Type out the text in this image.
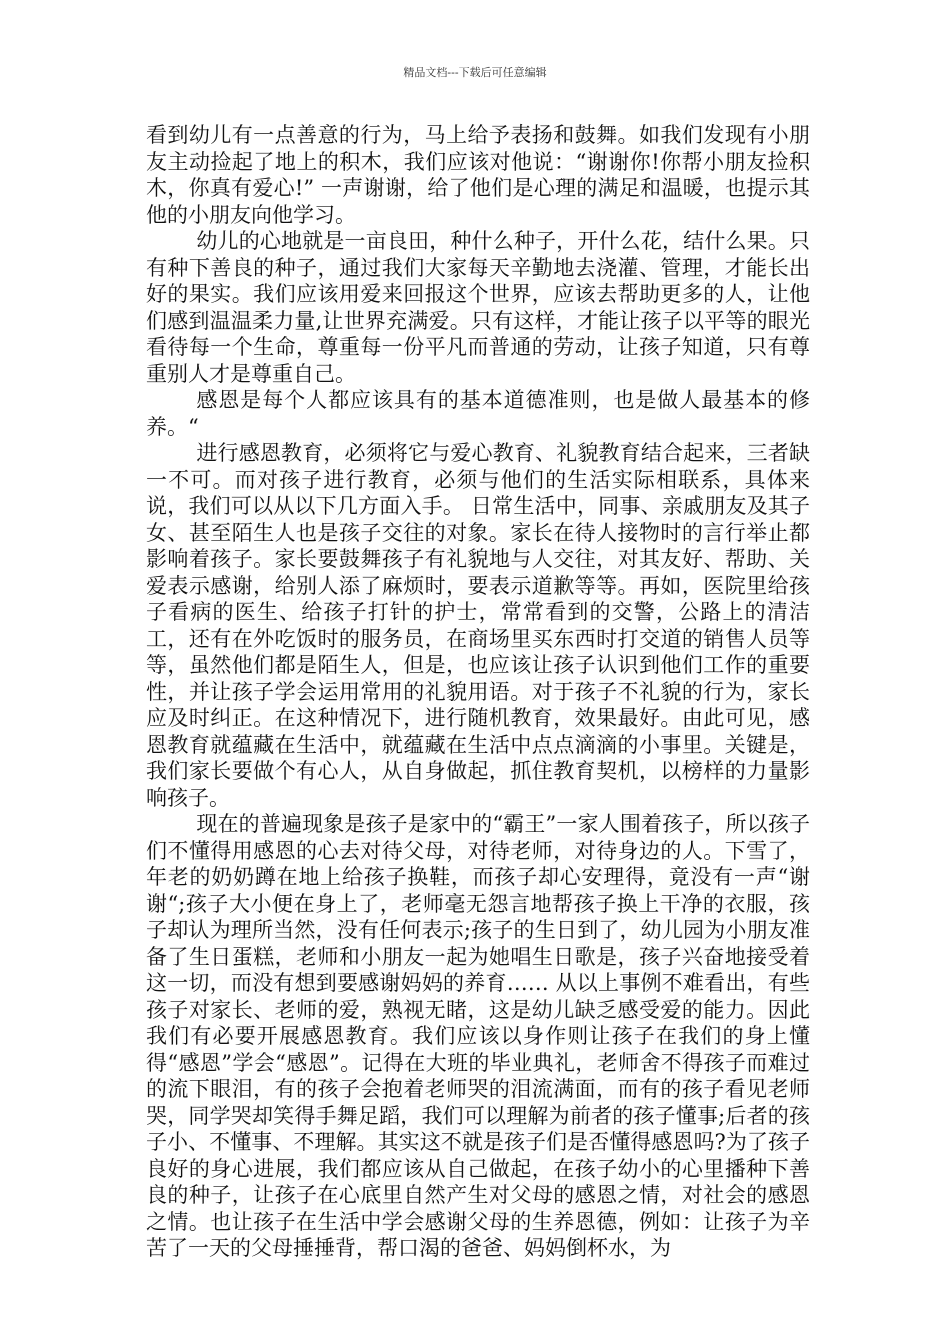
精品文档---下载后可任意编辑

看到幼儿有一点善意的行为，马上给予表扬和鼓舞。如我们发现有小朋友主动捡起了地上的积木，我们应该对他说：“谢谢你!你帮小朋友捡积木，你真有爱心!” 一声谢谢，给了他们是心理的满足和温暖，也提示其他的小朋友向他学习。

幼儿的心地就是一亩良田，种什么种子，开什么花，结什么果。只有种下善良的种子，通过我们大家每天辛勤地去浇灌、管理，才能长出好的果实。我们应该用爱来回报这个世界，应该去帮助更多的人，让他们感到温温柔力量,让世界充满爱。只有这样，才能让孩子以平等的眼光看待每一个生命，尊重每一份平凡而普通的劳动，让孩子知道，只有尊重别人才是尊重自己。

感恩是每个人都应该具有的基本道德准则，也是做人最基本的修养。“

进行感恩教育，必须将它与爱心教育、礼貌教育结合起来，三者缺一不可。而对孩子进行教育，必须与他们的生活实际相联系，具体来说，我们可以从以下几方面入手。 日常生活中，同事、亲戚朋友及其子女、甚至陌生人也是孩子交往的对象。家长在待人接物时的言行举止都影响着孩子。家长要鼓舞孩子有礼貌地与人交往，对其友好、帮助、关爱表示感谢，给别人添了麻烦时，要表示道歉等等。再如，医院里给孩子看病的医生、给孩子打针的护士，常常看到的交警，公路上的清洁工，还有在外吃饭时的服务员，在商场里买东西时打交道的销售人员等等，虽然他们都是陌生人，但是，也应该让孩子认识到他们工作的重要性，并让孩子学会运用常用的礼貌用语。对于孩子不礼貌的行为，家长应及时纠正。在这种情况下，进行随机教育，效果最好。由此可见，感恩教育就蕴藏在生活中，就蕴藏在生活中点点滴滴的小事里。关键是，我们家长要做个有心人，从自身做起，抓住教育契机，以榜样的力量影响孩子。

现在的普遍现象是孩子是家中的“霸王”一家人围着孩子，所以孩子们不懂得用感恩的心去对待父母，对待老师，对待身边的人。下雪了，年老的奶奶蹲在地上给孩子换鞋，而孩子却心安理得，竟没有一声“谢谢“;孩子大小便在身上了，老师毫无怨言地帮孩子换上干净的衣服，孩子却认为理所当然，没有任何表示;孩子的生日到了，幼儿园为小朋友准备了生日蛋糕，老师和小朋友一起为她唱生日歌是，孩子兴奋地接受着这一切，而没有想到要感谢妈妈的养育…… 从以上事例不难看出，有些孩子对家长、老师的爱，熟视无睹，这是幼儿缺乏感受爱的能力。因此我们有必要开展感恩教育。我们应该以身作则让孩子在我们的身上懂得“感恩”学会“感恩”。记得在大班的毕业典礼，老师舍不得孩子而难过的流下眼泪，有的孩子会抱着老师哭的泪流满面，而有的孩子看见老师哭，同学哭却笑得手舞足蹈，我们可以理解为前者的孩子懂事;后者的孩子小、不懂事、不理解。其实这不就是孩子们是否懂得感恩吗?为了孩子良好的身心进展，我们都应该从自己做起，在孩子幼小的心里播种下善良的种子，让孩子在心底里自然产生对父母的感恩之情，对社会的感恩之情。也让孩子在生活中学会感谢父母的生养恩德，例如：让孩子为辛苦了一天的父母捶捶背，帮口渴的爸爸、妈妈倒杯水，为
